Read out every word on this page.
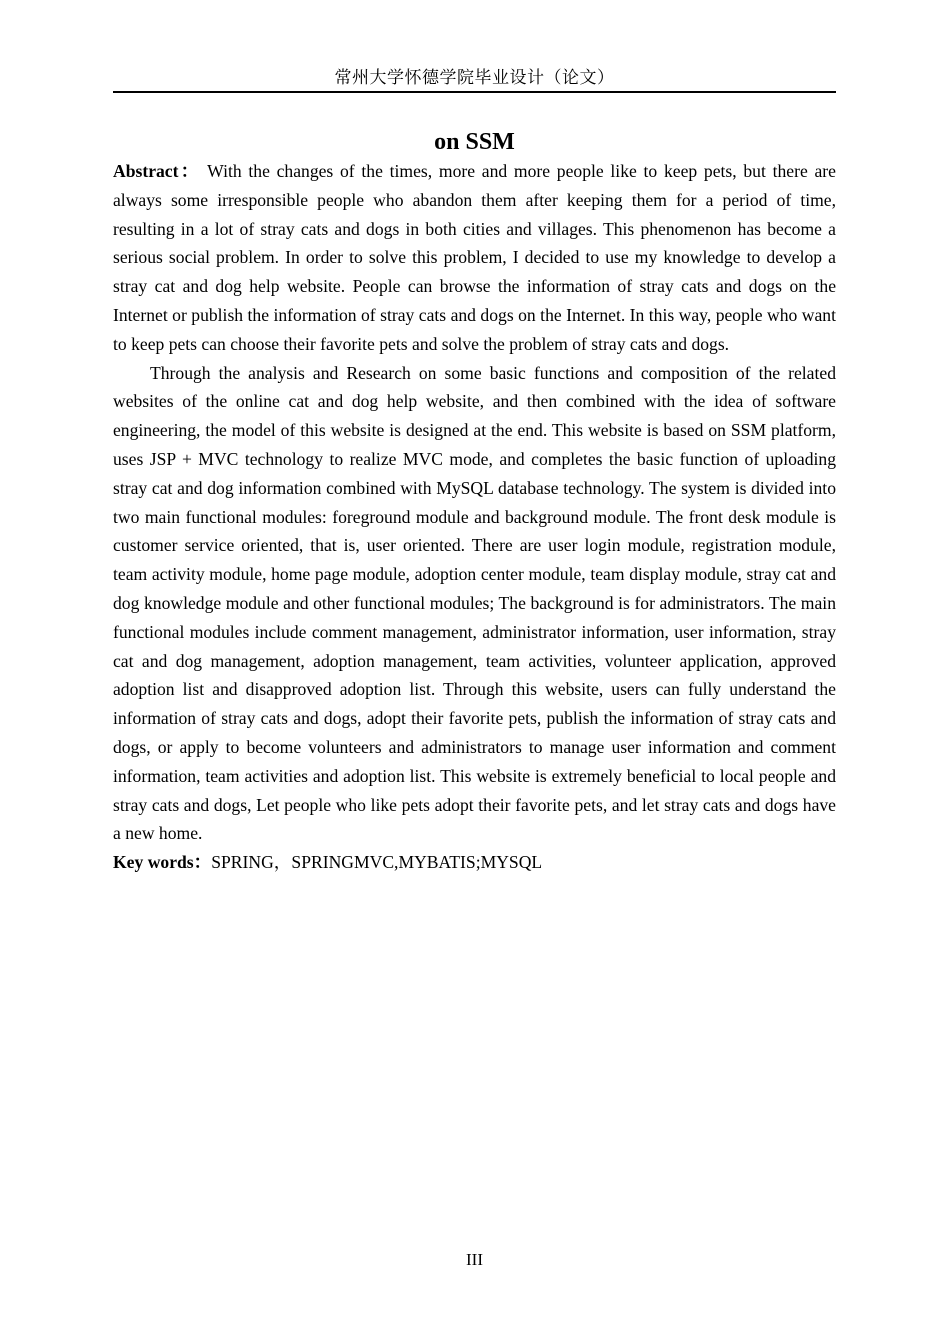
常州大学怀德学院毕业设计（论文）
on SSM

Abstract： With the changes of the times, more and more people like to keep pets, but there are always some irresponsible people who abandon them after keeping them for a period of time, resulting in a lot of stray cats and dogs in both cities and villages. This phenomenon has become a serious social problem. In order to solve this problem, I decided to use my knowledge to develop a stray cat and dog help website. People can browse the information of stray cats and dogs on the Internet or publish the information of stray cats and dogs on the Internet. In this way, people who want to keep pets can choose their favorite pets and solve the problem of stray cats and dogs.

Through the analysis and Research on some basic functions and composition of the related websites of the online cat and dog help website, and then combined with the idea of software engineering, the model of this website is designed at the end. This website is based on SSM platform, uses JSP + MVC technology to realize MVC mode, and completes the basic function of uploading stray cat and dog information combined with MySQL database technology. The system is divided into two main functional modules: foreground module and background module. The front desk module is customer service oriented, that is, user oriented. There are user login module, registration module, team activity module, home page module, adoption center module, team display module, stray cat and dog knowledge module and other functional modules; The background is for administrators. The main functional modules include comment management, administrator information, user information, stray cat and dog management, adoption management, team activities, volunteer application, approved adoption list and disapproved adoption list. Through this website, users can fully understand the information of stray cats and dogs, adopt their favorite pets, publish the information of stray cats and dogs, or apply to become volunteers and administrators to manage user information and comment information, team activities and adoption list. This website is extremely beneficial to local people and stray cats and dogs, Let people who like pets adopt their favorite pets, and let stray cats and dogs have a new home.

Key words：SPRING，SPRINGMVC,MYBATIS;MYSQL

III
